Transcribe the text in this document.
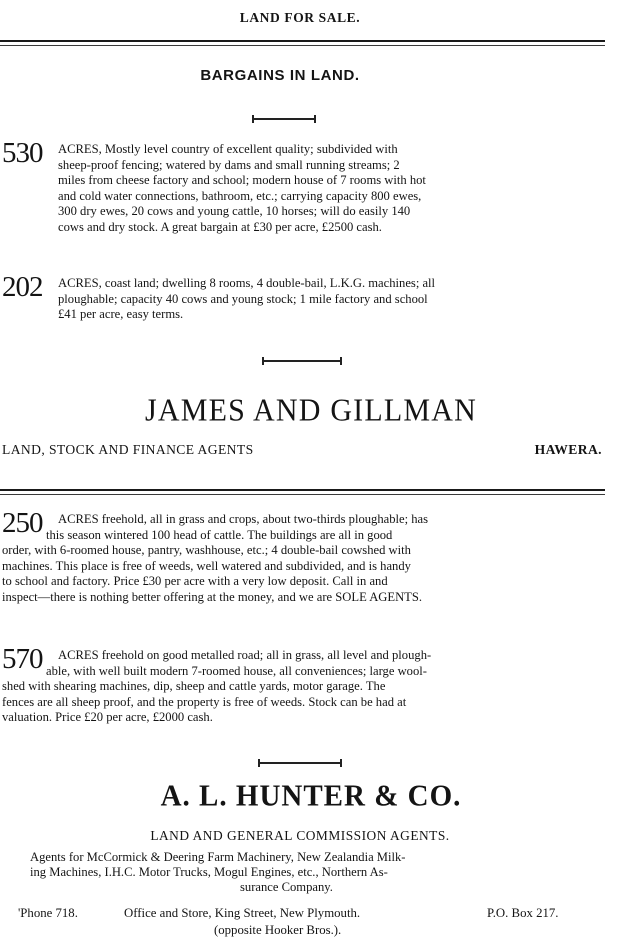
LAND FOR SALE.
BARGAINS IN LAND.
530	ACRES, Mostly level country of excellent quality; subdivided with
sheep-proof fencing; watered by dams and small running streams; 2
miles from cheese factory and school; modern house of 7 rooms with hot
and cold water connections, bathroom, etc.; carrying capacity 800 ewes,
300 dry ewes, 20 cows and young cattle, 10 horses; will do easily 140
cows and dry stock. A great bargain at £30 per acre, £2500 cash.
202	ACRES, coast land; dwelling 8 rooms, 4 double-bail, L.K.G. machines; all
ploughable; capacity 40 cows and young stock; 1 mile factory and school
£41 per acre, easy terms.
JAMES AND GILLMAN
LAND, STOCK AND FINANCE AGENTS	HAWERA.
250	ACRES freehold, all in grass and crops, about two-thirds ploughable; has
this season wintered 100 head of cattle. The buildings are all in good
order, with 6-roomed house, pantry, washhouse, etc.; 4 double-bail cowshed with
machines. This place is free of weeds, well watered and subdivided, and is handy
to school and factory. Price £30 per acre with a very low deposit. Call in and
inspect—there is nothing better offering at the money, and we are SOLE AGENTS.
570	ACRES freehold on good metalled road; all in grass, all level and plough-
able, with well built modern 7-roomed house, all conveniences; large wool-
shed with shearing machines, dip, sheep and cattle yards, motor garage. The
fences are all sheep proof, and the property is free of weeds. Stock can be had at
valuation. Price £20 per acre, £2000 cash.
A. L. HUNTER & CO.
LAND AND GENERAL COMMISSION AGENTS.
Agents for McCormick & Deering Farm Machinery, New Zealandia Milk-
ing Machines, I.H.C. Motor Trucks, Mogul Engines, etc., Northern As-
surance Company.
'Phone 718.	Office and Store, King Street, New Plymouth.	P.O. Box 217.
(opposite Hooker Bros.).
